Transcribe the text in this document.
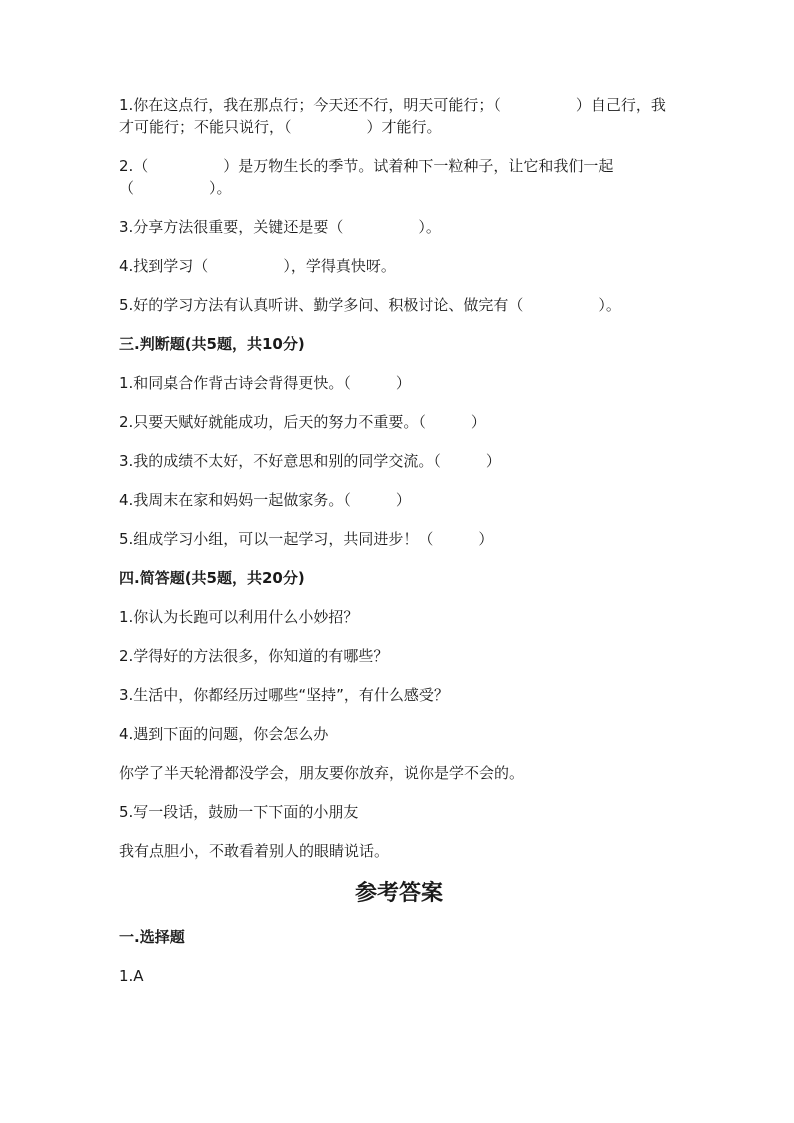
1.你在这点行，我在那点行；今天还不行，明天可能行；（　　　　　）自己行，我才可能行；不能只说行，（　　　　　）才能行。

2.（　　　　　）是万物生长的季节。试着种下一粒种子，让它和我们一起（　　　　　）。

3.分享方法很重要，关键还是要（　　　　　）。

4.找到学习（　　　　　），学得真快呀。

5.好的学习方法有认真听讲、勤学多问、积极讨论、做完有（　　　　　）。

三.判断题(共5题，共10分)

1.和同桌合作背古诗会背得更快。（　　　）

2.只要天赋好就能成功，后天的努力不重要。（　　　）

3.我的成绩不太好，不好意思和别的同学交流。（　　　）

4.我周末在家和妈妈一起做家务。（　　　）

5.组成学习小组，可以一起学习，共同进步！（　　　）

四.简答题(共5题，共20分)

1.你认为长跑可以利用什么小妙招？

2.学得好的方法很多，你知道的有哪些？

3.生活中，你都经历过哪些“坚持”，有什么感受？

4.遇到下面的问题，你会怎么办

你学了半天轮滑都没学会，朋友要你放弃，说你是学不会的。

5.写一段话，鼓励一下下面的小朋友

我有点胆小，不敢看着别人的眼睛说话。

参考答案

一.选择题

1.A
